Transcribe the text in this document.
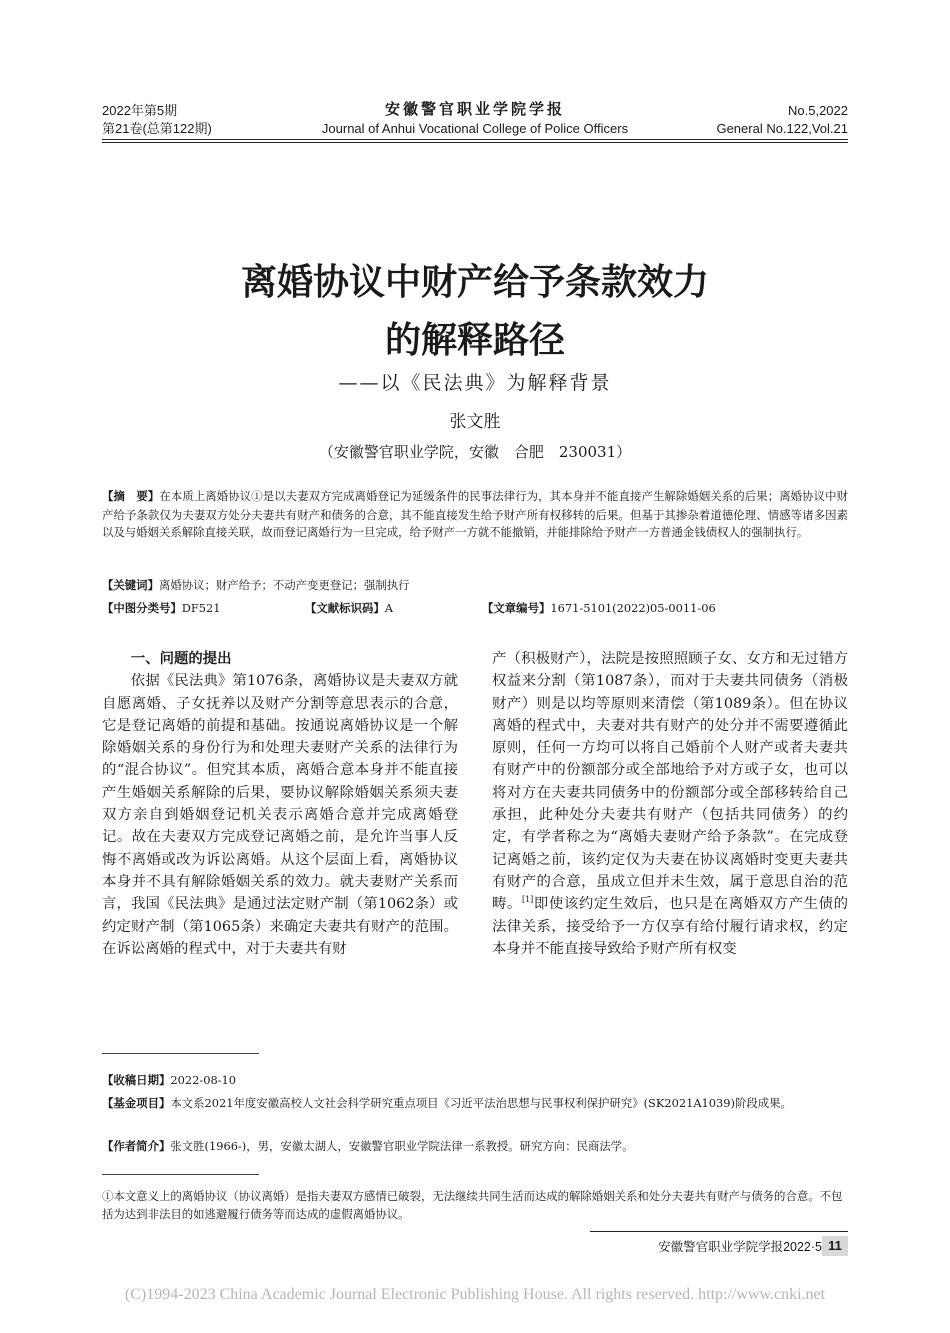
2022年第5期
第21卷(总第122期)
安徽警官职业学院学报
Journal of Anhui Vocational College of Police Officers
No.5,2022
General No.122,Vol.21
离婚协议中财产给予条款效力
的解释路径
——以《民法典》为解释背景
张文胜
（安徽警官职业学院，安徽　合肥　230031）
【摘　要】在本质上离婚协议①是以夫妻双方完成离婚登记为延缓条件的民事法律行为，其本身并不能直接产生解除婚姻关系的后果；离婚协议中财产给予条款仅为夫妻双方处分夫妻共有财产和债务的合意，其不能直接发生给予财产所有权移转的后果。但基于其掺杂着道德伦理、情感等诸多因素以及与婚姻关系解除直接关联，故而登记离婚行为一旦完成，给予财产一方就不能撤销，并能排除给予财产一方普通金钱债权人的强制执行。
【关键词】离婚协议；财产给予；不动产变更登记；强制执行
【中图分类号】DF521	【文献标识码】A	【文章编号】1671-5101(2022)05-0011-06
一、问题的提出

依据《民法典》第1076条，离婚协议是夫妻双方就自愿离婚、子女抚养以及财产分割等意思表示的合意，它是登记离婚的前提和基础。按通说离婚协议是一个解除婚姻关系的身份行为和处理夫妻财产关系的法律行为的“混合协议”。但究其本质，离婚合意本身并不能直接产生婚姻关系解除的后果，要协议解除婚姻关系须夫妻双方亲自到婚姻登记机关表示离婚合意并完成离婚登记。故在夫妻双方完成登记离婚之前，是允许当事人反悔不离婚或改为诉讼离婚。从这个层面上看，离婚协议本身并不具有解除婚姻关系的效力。就夫妻财产关系而言，我国《民法典》是通过法定财产制（第1062条）或约定财产制（第1065条）来确定夫妻共有财产的范围。在诉讼离婚的程式中，对于夫妻共有财

产（积极财产），法院是按照照顾子女、女方和无过错方权益来分割（第1087条），而对于夫妻共同债务（消极财产）则是以均等原则来清偿（第1089条）。但在协议离婚的程式中，夫妻对共有财产的处分并不需要遵循此原则，任何一方均可以将自己婚前个人财产或者夫妻共有财产中的份额部分或全部地给予对方或子女，也可以将对方在夫妻共同债务中的份额部分或全部移转给自己承担，此种处分夫妻共有财产（包括共同债务）的约定，有学者称之为“离婚夫妻财产给予条款”。在完成登记离婚之前，该约定仅为夫妻在协议离婚时变更夫妻共有财产的合意，虽成立但并未生效，属于意思自治的范畴。[1]即使该约定生效后，也只是在离婚双方产生债的法律关系，接受给予一方仅享有给付履行请求权，约定本身并不能直接导致给予财产所有权变

【收稿日期】2022-08-10
【基金项目】本文系2021年度安徽高校人文社会科学研究重点项目《习近平法治思想与民事权利保护研究》(SK2021A1039)阶段成果。
【作者简介】张文胜(1966-)，男，安徽太湖人，安徽警官职业学院法律一系教授。研究方向：民商法学。
①本文意义上的离婚协议（协议离婚）是指夫妻双方感情已破裂，无法继续共同生活而达成的解除婚姻关系和处分夫妻共有财产与债务的合意。不包括为达到非法目的如逃避履行债务等而达成的虚假离婚协议。
安徽警官职业学院学报2022·5 11
(C)1994-2023 China Academic Journal Electronic Publishing House. All rights reserved. http://www.cnki.net
